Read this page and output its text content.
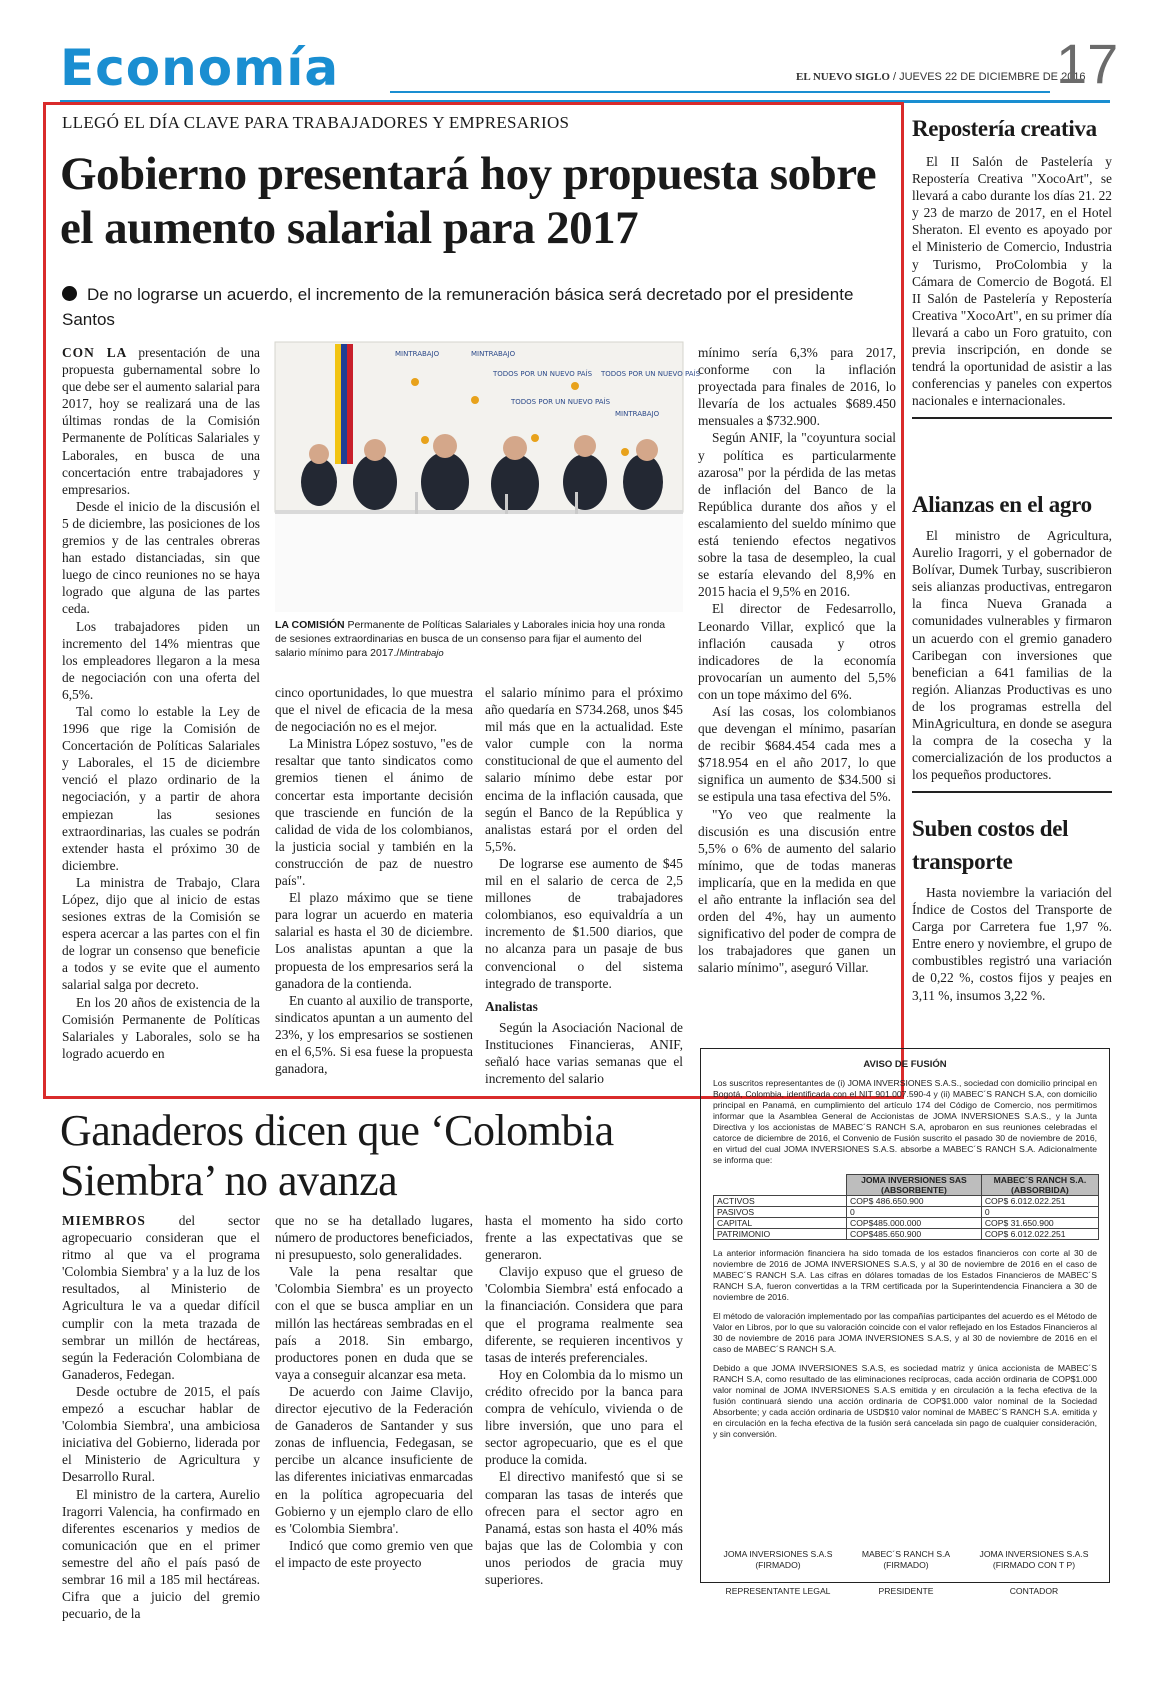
Economía	EL NUEVO SIGLO / JUEVES 22 DE DICIEMBRE DE 2016
17
LLEGÓ EL DÍA CLAVE PARA TRABAJADORES Y EMPRESARIOS
Gobierno presentará hoy propuesta sobre el aumento salarial para 2017
De no lograrse un acuerdo, el incremento de la remuneración básica será decretado por el presidente Santos

CON LA presentación de una propuesta gubernamental sobre lo que debe ser el aumento salarial para 2017, hoy se realizará una de las últimas rondas de la Comisión Permanente de Políticas Salariales y Laborales, en busca de una concertación entre trabajadores y empresarios.

Desde el inicio de la discusión el 5 de diciembre, las posiciones de los gremios y de las centrales obreras han estado distanciadas, sin que luego de cinco reuniones no se haya logrado que alguna de las partes ceda.

Los trabajadores piden un incremento del 14% mientras que los empleadores llegaron a la mesa de negociación con una oferta del 6,5%.

Tal como lo estable la Ley de 1996 que rige la Comisión de Concertación de Políticas Salariales y Laborales, el 15 de diciembre venció el plazo ordinario de la negociación, y a partir de ahora empiezan las sesiones extraordinarias, las cuales se podrán extender hasta el próximo 30 de diciembre.

La ministra de Trabajo, Clara López, dijo que al inicio de estas sesiones extras de la Comisión se espera acercar a las partes con el fin de lograr un consenso que beneficie a todos y se evite que el aumento salarial salga por decreto.

En los 20 años de existencia de la Comisión Permanente de Políticas Salariales y Laborales, solo se ha logrado acuerdo en

MINTRABAJO	MINTRABAJO
TODOS POR UN NUEVO PAÍS
TODOS POR UN NUEVO PAÍS
TODOS POR UN NUEVO PAÍS
MINTRABAJO
LA COMISIÓN Permanente de Políticas Salariales y Laborales inicia hoy una ronda de sesiones extraordinarias en busca de un consenso para fijar el aumento del salario mínimo para 2017./Mintrabajo

cinco oportunidades, lo que muestra que el nivel de eficacia de la mesa de negociación no es el mejor.

La Ministra López sostuvo, "es de resaltar que tanto sindicatos como gremios tienen el ánimo de concertar esta importante decisión que trasciende en función de la calidad de vida de los colombianos, la justicia social y también en la construcción de paz de nuestro país".

El plazo máximo que se tiene para lograr un acuerdo en materia salarial es hasta el 30 de diciembre. Los analistas apuntan a que la propuesta de los empresarios será la ganadora de la contienda.

En cuanto al auxilio de transporte, sindicatos apuntan a un aumento del 23%, y los empresarios se sostienen en el 6,5%. Si esa fuese la propuesta ganadora,

el salario mínimo para el próximo año quedaría en S734.268, unos $45 mil más que en la actualidad. Este valor cumple con la norma constitucional de que el aumento del salario mínimo debe estar por encima de la inflación causada, que según el Banco de la República y analistas estará por el orden del 5,5%.

De lograrse ese aumento de $45 mil en el salario de cerca de 2,5 millones de trabajadores colombianos, eso equivaldría a un incremento de $1.500 diarios, que no alcanza para un pasaje de bus convencional o del sistema integrado de transporte.

Analistas

Según la Asociación Nacional de Instituciones Financieras, ANIF, señaló hace varias semanas que el incremento del salario

mínimo sería 6,3% para 2017, conforme con la inflación proyectada para finales de 2016, lo llevaría de los actuales $689.450 mensuales a $732.900.

Según ANIF, la "coyuntura social y política es particularmente azarosa" por la pérdida de las metas de inflación del Banco de la República durante dos años y el escalamiento del sueldo mínimo que está teniendo efectos negativos sobre la tasa de desempleo, la cual se estaría elevando del 8,9% en 2015 hacia el 9,5% en 2016.

El director de Fedesarrollo, Leonardo Villar, explicó que la inflación causada y otros indicadores de la economía provocarían un aumento del 5,5% con un tope máximo del 6%.

Así las cosas, los colombianos que devengan el mínimo, pasarían de recibir $684.454 cada mes a $718.954 en el año 2017, lo que significa un aumento de $34.500 si se estipula una tasa efectiva del 5%.

"Yo veo que realmente la discusión es una discusión entre 5,5% o 6% de aumento del salario mínimo, que de todas maneras implicaría, que en la medida en que el año entrante la inflación sea del orden del 4%, hay un aumento significativo del poder de compra de los trabajadores que ganen un salario mínimo", aseguró Villar.

Repostería creativa

El II Salón de Pastelería y Repostería Creativa "XocoArt", se llevará a cabo durante los días 21. 22 y 23 de marzo de 2017, en el Hotel Sheraton. El evento es apoyado por el Ministerio de Comercio, Industria y Turismo, ProColombia y la Cámara de Comercio de Bogotá. El II Salón de Pastelería y Repostería Creativa "XocoArt", en su primer día llevará a cabo un Foro gratuito, con previa inscripción, en donde se tendrá la oportunidad de asistir a las conferencias y paneles con expertos nacionales e internacionales.

Alianzas en el agro

El ministro de Agricultura, Aurelio Iragorri, y el gobernador de Bolívar, Dumek Turbay, suscribieron seis alianzas productivas, entregaron la finca Nueva Granada a comunidades vulnerables y firmaron un acuerdo con el gremio ganadero Caribegan con inversiones que benefician a 641 familias de la región. Alianzas Productivas es uno de los programas estrella del MinAgricultura, en donde se asegura la compra de la cosecha y la comercialización de los productos a los pequeños productores.

Suben costos del transporte

Hasta noviembre la variación del Índice de Costos del Transporte de Carga por Carretera fue 1,97 %. Entre enero y noviembre, el grupo de combustibles registró una variación de 0,22 %, costos fijos y peajes en 3,11 %, insumos 3,22 %.

Ganaderos dicen que ‘Colombia Siembra’ no avanza

MIEMBROS del sector agropecuario consideran que el ritmo al que va el programa 'Colombia Siembra' y a la luz de los resultados, al Ministerio de Agricultura le va a quedar difícil cumplir con la meta trazada de sembrar un millón de hectáreas, según la Federación Colombiana de Ganaderos, Fedegan.

Desde octubre de 2015, el país empezó a escuchar hablar de 'Colombia Siembra', una ambiciosa iniciativa del Gobierno, liderada por el Ministerio de Agricultura y Desarrollo Rural.

El ministro de la cartera, Aurelio Iragorri Valencia, ha confirmado en diferentes escenarios y medios de comunicación que en el primer semestre del año el país pasó de sembrar 16 mil a 185 mil hectáreas. Cifra que a juicio del gremio pecuario, de la

que no se ha detallado lugares, número de productores beneficiados, ni presupuesto, solo generalidades.

Vale la pena resaltar que 'Colombia Siembra' es un proyecto con el que se busca ampliar en un millón las hectáreas sembradas en el país a 2018. Sin embargo, productores ponen en duda que se vaya a conseguir alcanzar esa meta.

De acuerdo con Jaime Clavijo, director ejecutivo de la Federación de Ganaderos de Santander y sus zonas de influencia, Fedegasan, se percibe un alcance insuficiente de las diferentes iniciativas enmarcadas en la política agropecuaria del Gobierno y un ejemplo claro de ello es 'Colombia Siembra'.

Indicó que como gremio ven que el impacto de este proyecto

hasta el momento ha sido corto frente a las expectativas que se generaron.

Clavijo expuso que el grueso de 'Colombia Siembra' está enfocado a la financiación. Considera que para que el programa realmente sea diferente, se requieren incentivos y tasas de interés preferenciales.

Hoy en Colombia da lo mismo un crédito ofrecido por la banca para compra de vehículo, vivienda o de libre inversión, que uno para el sector agropecuario, que es el que produce la comida.

El directivo manifestó que si se comparan las tasas de interés que ofrecen para el sector agro en Panamá, estas son hasta el 40% más bajas que las de Colombia y con unos periodos de gracia muy superiores.

AVISO DE FUSIÓN

Los suscritos representantes de (i) JOMA INVERSIONES S.A.S., sociedad con domicilio principal en Bogotá, Colombia, identificada con el NIT 901.007.590-4 y (ii) MABEC´S RANCH S.A, con domicilio principal en Panamá, en cumplimiento del artículo 174 del Código de Comercio, nos permitimos informar que la Asamblea General de Accionistas de JOMA INVERSIONES S.A.S., y la Junta Directiva y los accionistas de MABEC´S RANCH S.A, aprobaron en sus reuniones celebradas el catorce de diciembre de 2016, el Convenio de Fusión suscrito el pasado 30 de noviembre de 2016, en virtud del cual JOMA INVERSIONES S.A.S. absorbe a MABEC´S RANCH S.A. Adicionalmente se informa que:

	JOMA INVERSIONES SAS (ABSORBENTE)	MABEC´S RANCH S.A. (ABSORBIDA)
ACTIVOS	COP$ 486.650.900	COP$ 6.012.022.251
PASIVOS	0	0
CAPITAL	COP$485.000.000	COP$ 31.650.900
PATRIMONIO	COP$485.650.900	COP$ 6.012.022.251

La anterior información financiera ha sido tomada de los estados financieros con corte al 30 de noviembre de 2016 de JOMA INVERSIONES S.A.S, y al 30 de noviembre de 2016 en el caso de MABEC´S RANCH S.A. Las cifras en dólares tomadas de los Estados Financieros de MABEC´S RANCH S.A, fueron convertidas a la TRM certificada por la Superintendencia Financiera a 30 de noviembre de 2016.

El método de valoración implementado por las compañías participantes del acuerdo es el Método de Valor en Libros, por lo que su valoración coincide con el valor reflejado en los Estados Financieros al 30 de noviembre de 2016 para JOMA INVERSIONES S.A.S, y al 30 de noviembre de 2016 en el caso de MABEC´S RANCH S.A.

Debido a que JOMA INVERSIONES S.A.S, es sociedad matriz y única accionista de MABEC´S RANCH S.A, como resultado de las eliminaciones recíprocas, cada acción ordinaria de COP$1.000 valor nominal de JOMA INVERSIONES S.A.S emitida y en circulación a la fecha efectiva de la fusión continuará siendo una acción ordinaria de COP$1.000 valor nominal de la Sociedad Absorbente; y cada acción ordinaria de USD$10 valor nominal de MABEC´S RANCH S.A. emitida y en circulación en la fecha efectiva de la fusión será cancelada sin pago de cualquier consideración, y sin conversión.

JOMA INVERSIONES S.A.S
(FIRMADO)
REPRESENTANTE LEGAL
MABEC´S RANCH S.A
(FIRMADO)
PRESIDENTE
JOMA INVERSIONES S.A.S
(FIRMADO CON T P)
CONTADOR
